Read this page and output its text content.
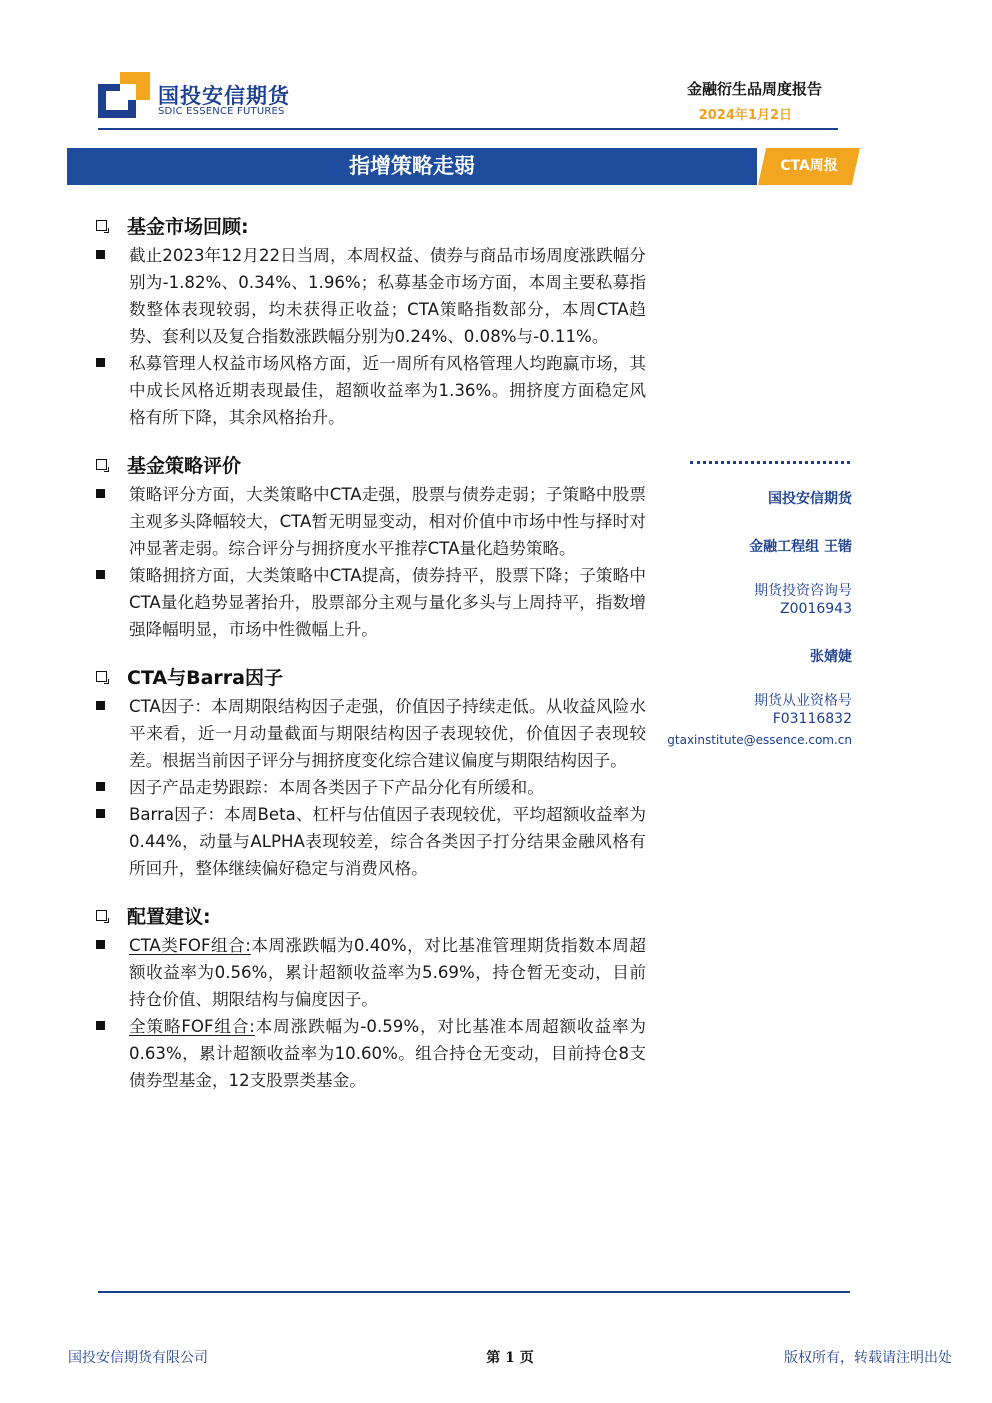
国投安信期货
SDIC ESSENCE FUTURES
金融衍生品周度报告
2024年1月2日
指增策略走弱	CTA周报
基金市场回顾:
截止2023年12月22日当周，本周权益、债券与商品市场周度涨跌幅分别为-1.82%、0.34%、1.96%；私募基金市场方面，本周主要私募指数整体表现较弱，均未获得正收益；CTA策略指数部分，本周CTA趋势、套利以及复合指数涨跌幅分别为0.24%、0.08%与-0.11%。
私募管理人权益市场风格方面，近一周所有风格管理人均跑赢市场，其中成长风格近期表现最佳，超额收益率为1.36%。拥挤度方面稳定风格有所下降，其余风格抬升。
基金策略评价
策略评分方面，大类策略中CTA走强，股票与债券走弱；子策略中股票主观多头降幅较大，CTA暂无明显变动，相对价值中市场中性与择时对冲显著走弱。综合评分与拥挤度水平推荐CTA量化趋势策略。
策略拥挤方面，大类策略中CTA提高，债券持平，股票下降；子策略中CTA量化趋势显著抬升，股票部分主观与量化多头与上周持平，指数增强降幅明显，市场中性微幅上升。
CTA与Barra因子
CTA因子：本周期限结构因子走强，价值因子持续走低。从收益风险水平来看，近一月动量截面与期限结构因子表现较优，价值因子表现较差。根据当前因子评分与拥挤度变化综合建议偏度与期限结构因子。
因子产品走势跟踪：本周各类因子下产品分化有所缓和。
Barra因子：本周Beta、杠杆与估值因子表现较优，平均超额收益率为0.44%，动量与ALPHA表现较差，综合各类因子打分结果金融风格有所回升，整体继续偏好稳定与消费风格。
配置建议:
CTA类FOF组合:本周涨跌幅为0.40%，对比基准管理期货指数本周超额收益率为0.56%，累计超额收益率为5.69%，持仓暂无变动，目前持仓价值、期限结构与偏度因子。
全策略FOF组合:本周涨跌幅为-0.59%，对比基准本周超额收益率为0.63%，累计超额收益率为10.60%。组合持仓无变动，目前持仓8支债券型基金，12支股票类基金。
国投安信期货
金融工程组 王锴
期货投资咨询号
Z0016943
张婧婕
期货从业资格号
F03116832
gtaxinstitute@essence.com.cn
国投安信期货有限公司	第 1 页	版权所有，转载请注明出处
